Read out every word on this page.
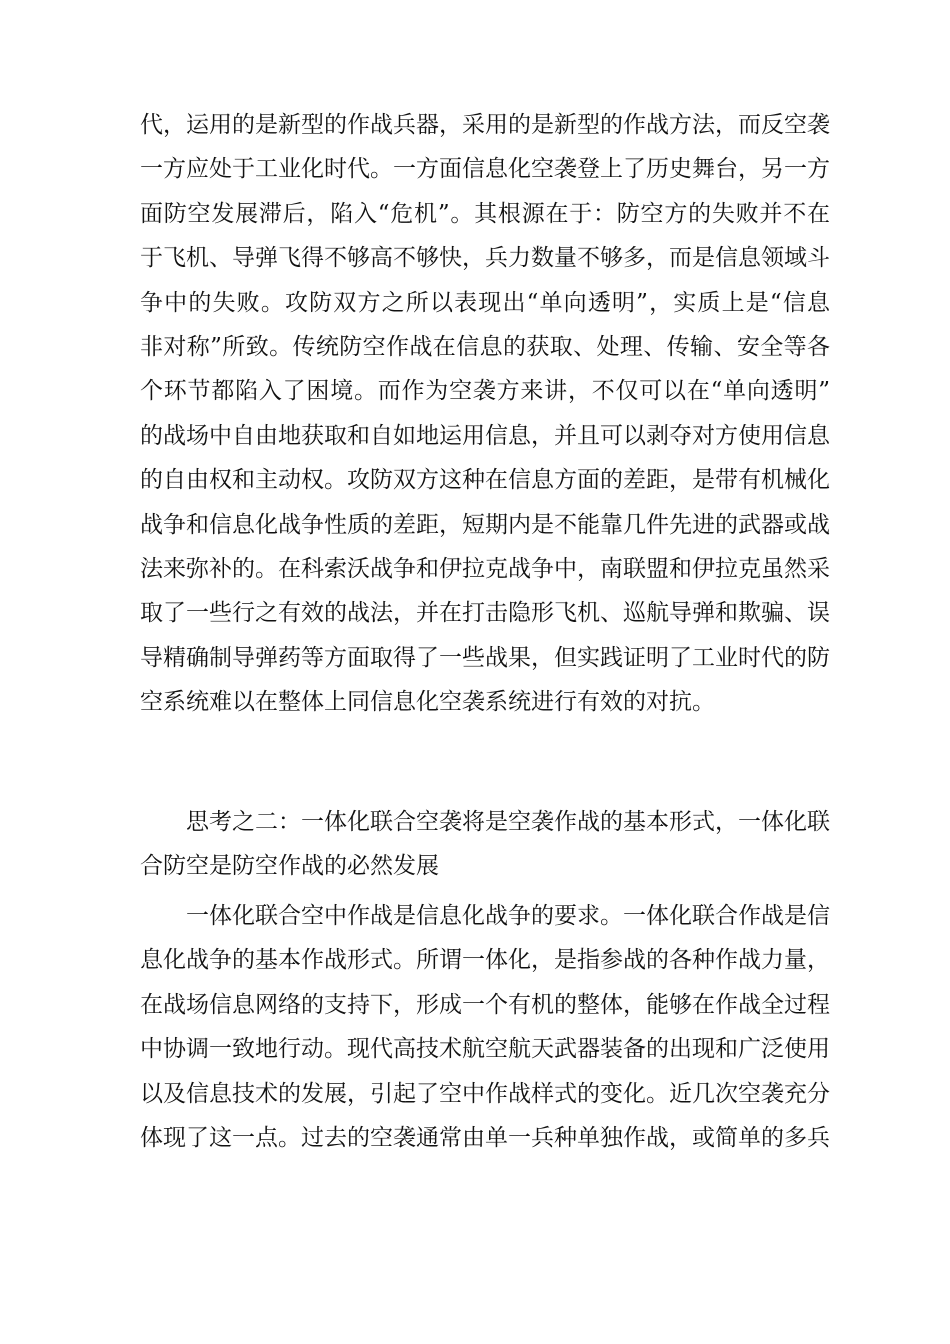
代，运用的是新型的作战兵器，采用的是新型的作战方法，而反空袭
一方应处于工业化时代。一方面信息化空袭登上了历史舞台，另一方
面防空发展滞后，陷入“危机”。其根源在于：防空方的失败并不在
于飞机、导弹飞得不够高不够快，兵力数量不够多，而是信息领域斗
争中的失败。攻防双方之所以表现出“单向透明”，实质上是“信息
非对称”所致。传统防空作战在信息的获取、处理、传输、安全等各
个环节都陷入了困境。而作为空袭方来讲，不仅可以在“单向透明”
的战场中自由地获取和自如地运用信息，并且可以剥夺对方使用信息
的自由权和主动权。攻防双方这种在信息方面的差距，是带有机械化
战争和信息化战争性质的差距，短期内是不能靠几件先进的武器或战
法来弥补的。在科索沃战争和伊拉克战争中，南联盟和伊拉克虽然采
取了一些行之有效的战法，并在打击隐形飞机、巡航导弹和欺骗、误
导精确制导弹药等方面取得了一些战果，但实践证明了工业时代的防
空系统难以在整体上同信息化空袭系统进行有效的对抗。
思考之二：一体化联合空袭将是空袭作战的基本形式，一体化联
合防空是防空作战的必然发展
一体化联合空中作战是信息化战争的要求。一体化联合作战是信
息化战争的基本作战形式。所谓一体化，是指参战的各种作战力量，
在战场信息网络的支持下，形成一个有机的整体，能够在作战全过程
中协调一致地行动。现代高技术航空航天武器装备的出现和广泛使用
以及信息技术的发展，引起了空中作战样式的变化。近几次空袭充分
体现了这一点。过去的空袭通常由单一兵种单独作战，或简单的多兵
